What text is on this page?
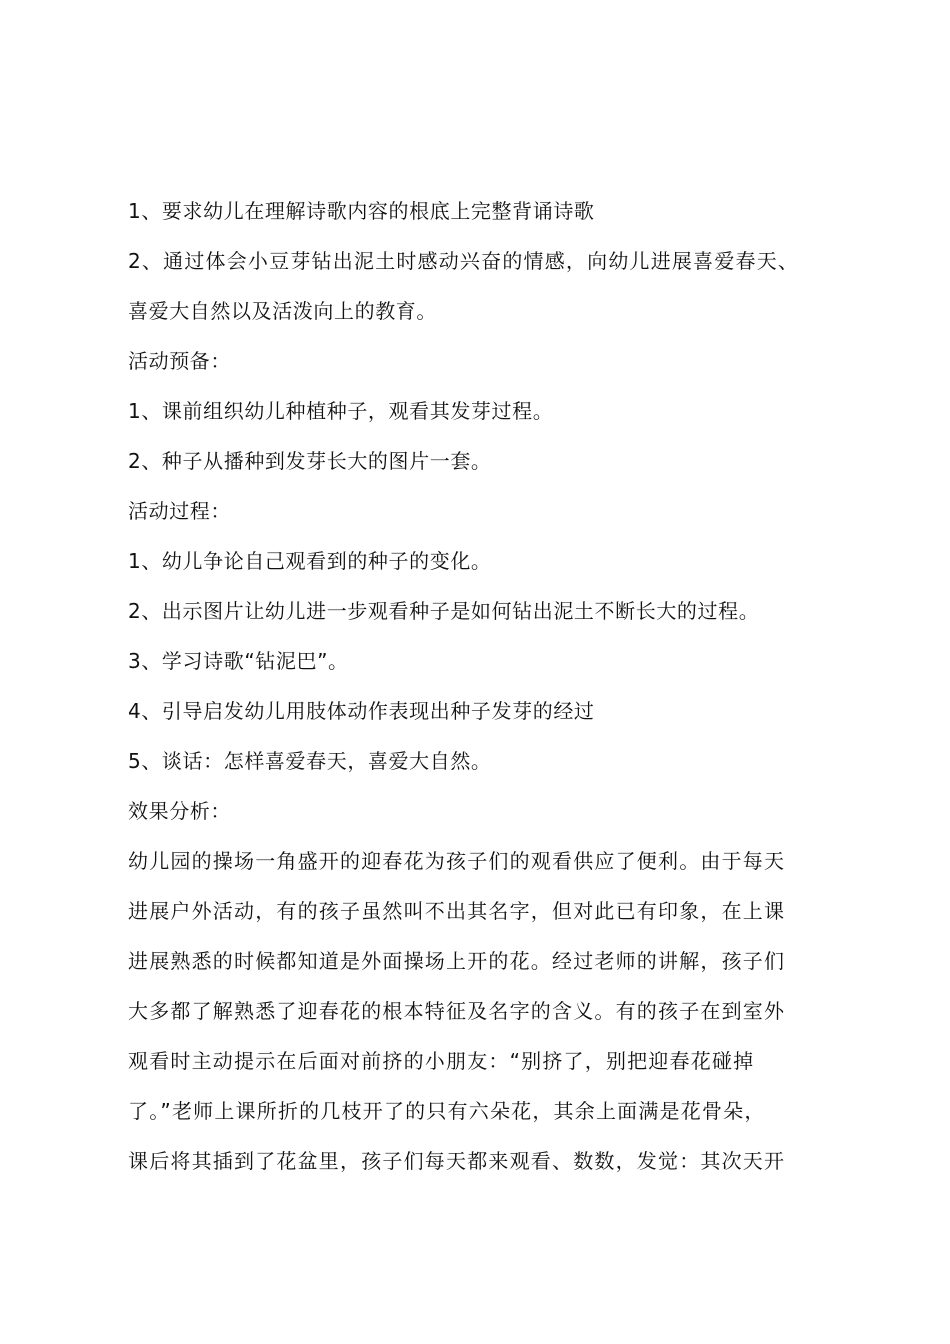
1、要求幼儿在理解诗歌内容的根底上完整背诵诗歌
2、通过体会小豆芽钻出泥土时感动兴奋的情感，向幼儿进展喜爱春天、
喜爱大自然以及活泼向上的教育。
活动预备：
1、课前组织幼儿种植种子，观看其发芽过程。
2、种子从播种到发芽长大的图片一套。
活动过程：
1、幼儿争论自己观看到的种子的变化。
2、出示图片让幼儿进一步观看种子是如何钻出泥土不断长大的过程。
3、学习诗歌“钻泥巴”。
4、引导启发幼儿用肢体动作表现出种子发芽的经过
5、谈话：怎样喜爱春天，喜爱大自然。
效果分析：
幼儿园的操场一角盛开的迎春花为孩子们的观看供应了便利。由于每天
进展户外活动，有的孩子虽然叫不出其名字，但对此已有印象，在上课
进展熟悉的时候都知道是外面操场上开的花。经过老师的讲解，孩子们
大多都了解熟悉了迎春花的根本特征及名字的含义。有的孩子在到室外
观看时主动提示在后面对前挤的小朋友：“别挤了，别把迎春花碰掉
了。”老师上课所折的几枝开了的只有六朵花，其余上面满是花骨朵，
课后将其插到了花盆里，孩子们每天都来观看、数数，发觉：其次天开
